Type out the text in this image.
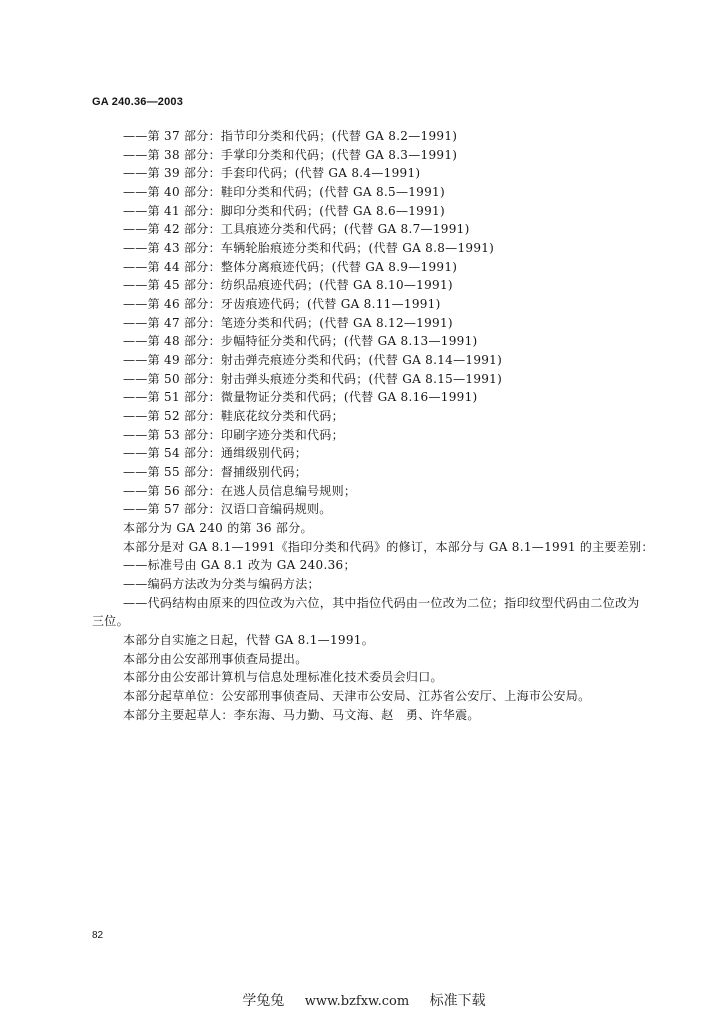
GA 240.36—2003
——第 37 部分：指节印分类和代码；(代替 GA 8.2—1991)
——第 38 部分：手掌印分类和代码；(代替 GA 8.3—1991)
——第 39 部分：手套印代码；(代替 GA 8.4—1991)
——第 40 部分：鞋印分类和代码；(代替 GA 8.5—1991)
——第 41 部分：脚印分类和代码；(代替 GA 8.6—1991)
——第 42 部分：工具痕迹分类和代码；(代替 GA 8.7—1991)
——第 43 部分：车辆轮胎痕迹分类和代码；(代替 GA 8.8—1991)
——第 44 部分：整体分离痕迹代码；(代替 GA 8.9—1991)
——第 45 部分：纺织品痕迹代码；(代替 GA 8.10—1991)
——第 46 部分：牙齿痕迹代码；(代替 GA 8.11—1991)
——第 47 部分：笔迹分类和代码；(代替 GA 8.12—1991)
——第 48 部分：步幅特征分类和代码；(代替 GA 8.13—1991)
——第 49 部分：射击弹壳痕迹分类和代码；(代替 GA 8.14—1991)
——第 50 部分：射击弹头痕迹分类和代码；(代替 GA 8.15—1991)
——第 51 部分：微量物证分类和代码；(代替 GA 8.16—1991)
——第 52 部分：鞋底花纹分类和代码；
——第 53 部分：印刷字迹分类和代码；
——第 54 部分：通缉级别代码；
——第 55 部分：督捕级别代码；
——第 56 部分：在逃人员信息编号规则；
——第 57 部分：汉语口音编码规则。
本部分为 GA 240 的第 36 部分。
本部分是对 GA 8.1—1991《指印分类和代码》的修订，本部分与 GA 8.1—1991 的主要差别：
——标准号由 GA 8.1 改为 GA 240.36；
——编码方法改为分类与编码方法；
——代码结构由原来的四位改为六位，其中指位代码由一位改为二位；指印纹型代码由二位改为
三位。
本部分自实施之日起，代替 GA 8.1—1991。
本部分由公安部刑事侦查局提出。
本部分由公安部计算机与信息处理标准化技术委员会归口。
本部分起草单位：公安部刑事侦查局、天津市公安局、江苏省公安厅、上海市公安局。
本部分主要起草人：李东海、马力勤、马文海、赵　勇、许华震。
82
学兔兔 www.bzfxw.com 标准下载
